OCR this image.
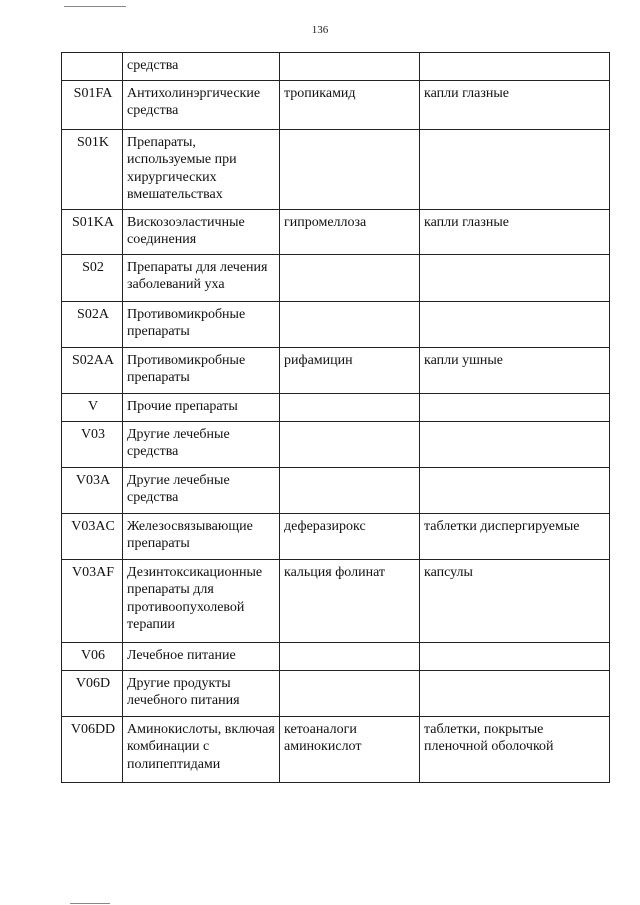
136
	средства		
S01FA	Антихолинэргические средства	тропикамид	капли глазные
S01K	Препараты, используемые при хирургических вмешательствах		
S01KA	Вискозоэластичные соединения	гипромеллоза	капли глазные
S02	Препараты для лечения заболеваний уха		
S02A	Противомикробные препараты		
S02AA	Противомикробные препараты	рифамицин	капли ушные
V	Прочие препараты		
V03	Другие лечебные средства		
V03A	Другие лечебные средства		
V03AC	Железосвязывающие препараты	деферазирокс	таблетки диспергируемые
V03AF	Дезинтоксикационные препараты для противоопухолевой терапии	кальция фолинат	капсулы
V06	Лечебное питание		
V06D	Другие продукты лечебного питания		
V06DD	Аминокислоты, включая комбинации с полипептидами	кетоаналоги аминокислот	таблетки, покрытые пленочной оболочкой
